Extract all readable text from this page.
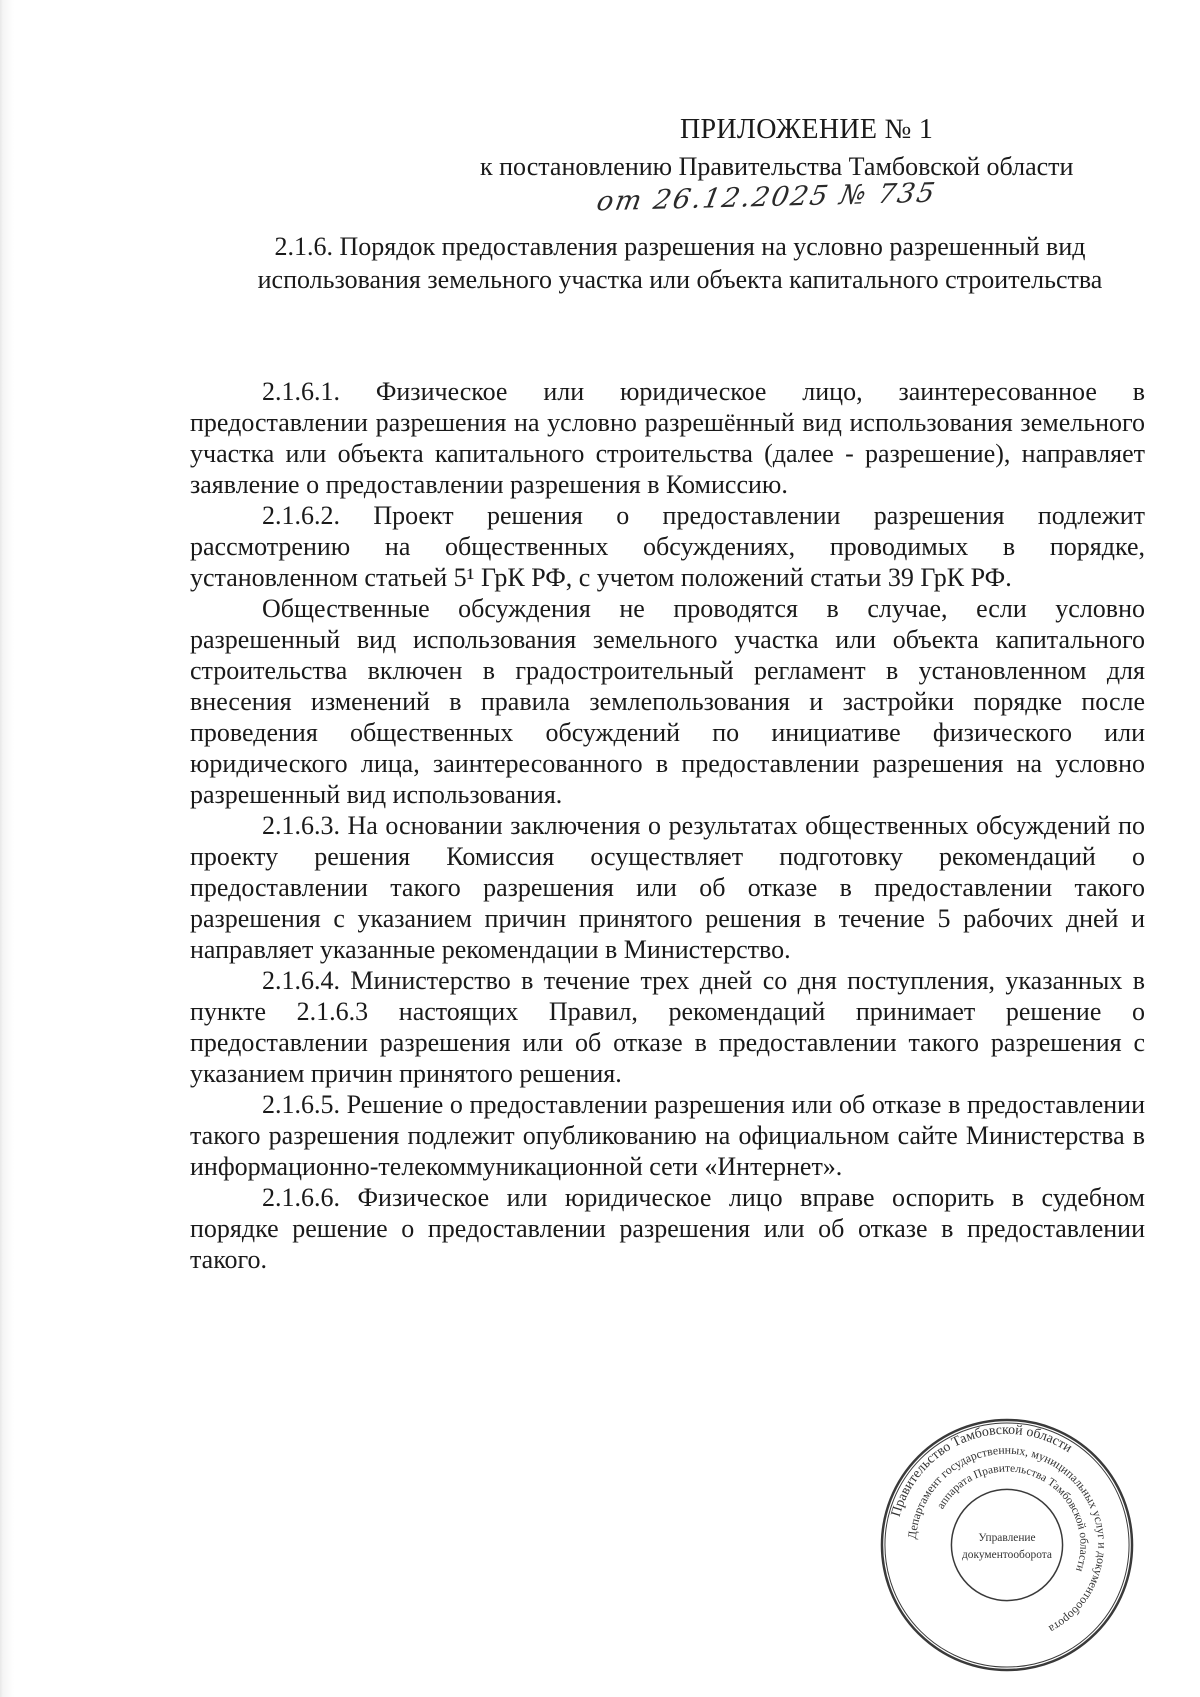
ПРИЛОЖЕНИЕ № 1
к постановлению Правительства Тамбовской области
от 26.12.2025 № 735
2.1.6. Порядок предоставления разрешения на условно разрешенный вид использования земельного участка или объекта капитального строительства

2.1.6.1. Физическое или юридическое лицо, заинтересованное в предоставлении разрешения на условно разрешённый вид использования земельного участка или объекта капитального строительства (далее - разрешение), направляет заявление о предоставлении разрешения в Комиссию.

2.1.6.2. Проект решения о предоставлении разрешения подлежит рассмотрению на общественных обсуждениях, проводимых в порядке, установленном статьей 5¹ ГрК РФ, с учетом положений статьи 39 ГрК РФ.

Общественные обсуждения не проводятся в случае, если условно разрешенный вид использования земельного участка или объекта капитального строительства включен в градостроительный регламент в установленном для внесения изменений в правила землепользования и застройки порядке после проведения общественных обсуждений по инициативе физического или юридического лица, заинтересованного в предоставлении разрешения на условно разрешенный вид использования.

2.1.6.3. На основании заключения о результатах общественных обсуждений по проекту решения Комиссия осуществляет подготовку рекомендаций о предоставлении такого разрешения или об отказе в предоставлении такого разрешения с указанием причин принятого решения в течение 5 рабочих дней и направляет указанные рекомендации в Министерство.

2.1.6.4. Министерство в течение трех дней со дня поступления, указанных в пункте 2.1.6.3 настоящих Правил, рекомендаций принимает решение о предоставлении разрешения или об отказе в предоставлении такого разрешения с указанием причин принятого решения.

2.1.6.5. Решение о предоставлении разрешения или об отказе в предоставлении такого разрешения подлежит опубликованию на официальном сайте Министерства в информационно-телекоммуникационной сети «Интернет».

2.1.6.6. Физическое или юридическое лицо вправе оспорить в судебном порядке решение о предоставлении разрешения или об отказе в предоставлении такого.

Правительство Тамбовской области
Департамент государственных, муниципальных услуг и документооборота
аппарата Правительства Тамбовской области
Управление
документооборота
